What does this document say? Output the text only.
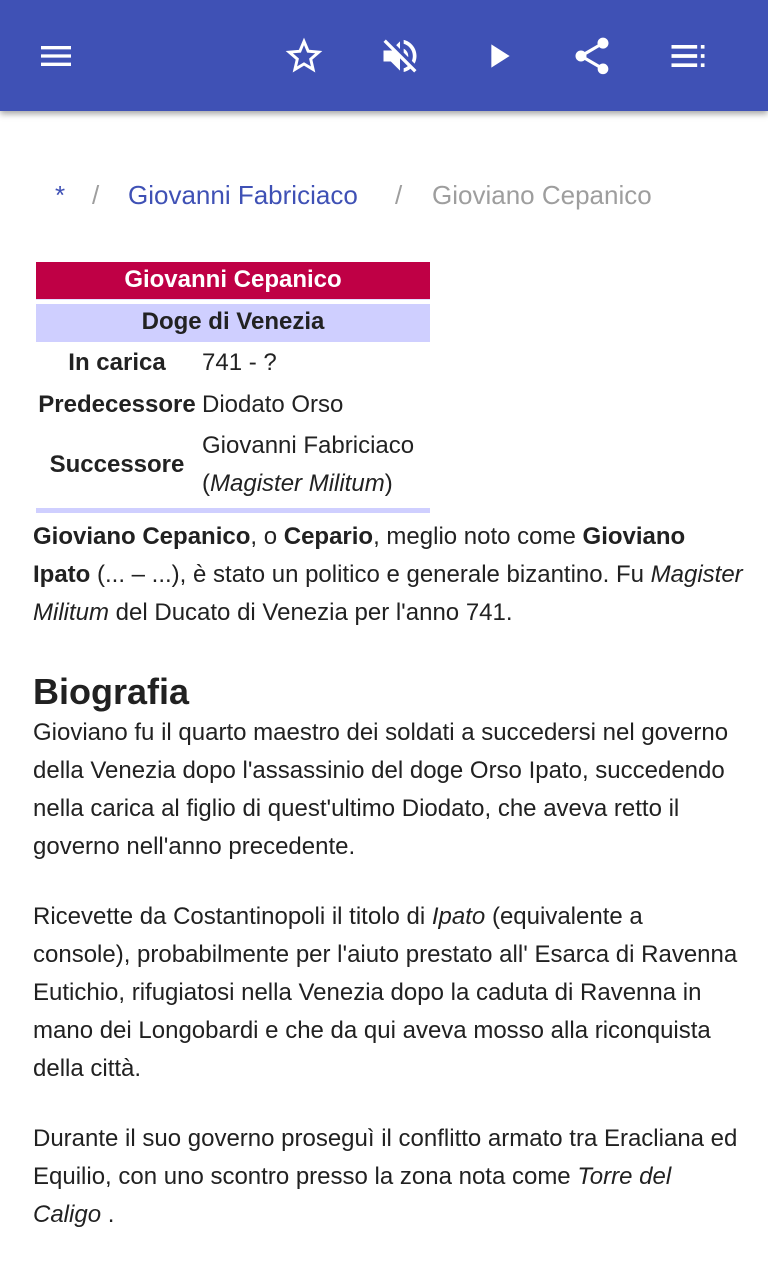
* / Giovanni Fabriciaco / Gioviano Cepanico
Giovanni Cepanico
Doge di Venezia
In carica	741 - ?
Predecessore Diodato Orso
Successore
Giovanni Fabriciaco
(Magister Militum)

Gioviano Cepanico, o Cepario, meglio noto come Gioviano Ipato (... – ...), è stato un politico e generale bizantino. Fu Magister Militum del Ducato di Venezia per l'anno 741.

Biografia

Gioviano fu il quarto maestro dei soldati a succedersi nel governo della Venezia dopo l'assassinio del doge Orso Ipato, succedendo nella carica al figlio di quest'ultimo Diodato, che aveva retto il governo nell'anno precedente.

Ricevette da Costantinopoli il titolo di Ipato (equivalente a console), probabilmente per l'aiuto prestato all' Esarca di Ravenna Eutichio, rifugiatosi nella Venezia dopo la caduta di Ravenna in mano dei Longobardi e che da qui aveva mosso alla riconquista della città.

Durante il suo governo proseguì il conflitto armato tra Eracliana ed Equilio, con uno scontro presso la zona nota come Torre del Caligo .
